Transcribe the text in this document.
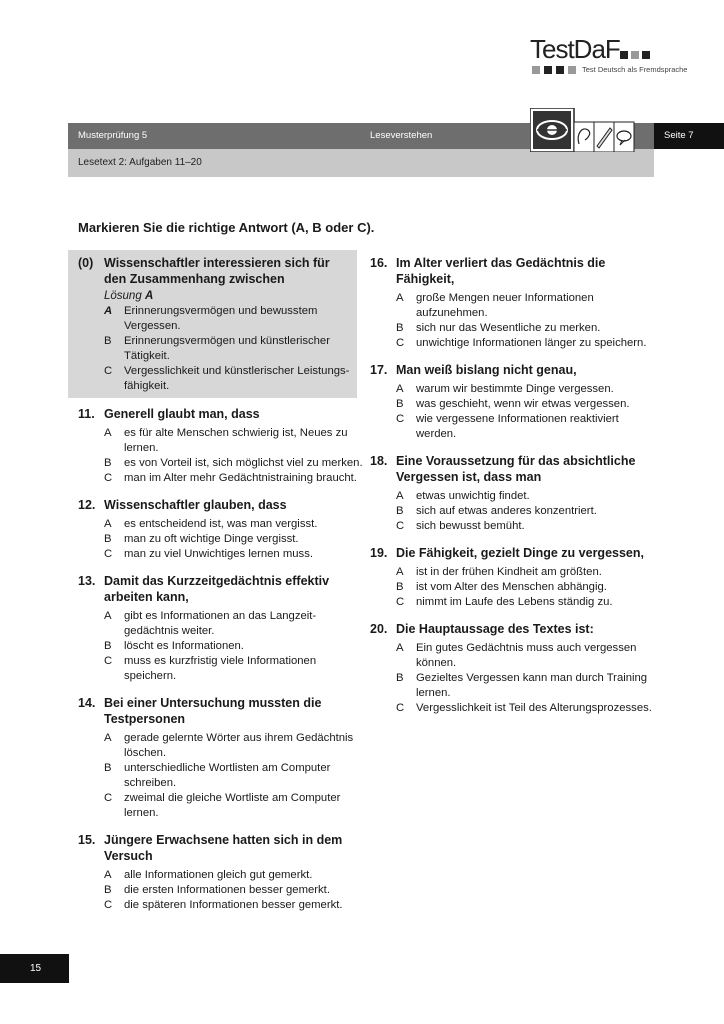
TestDaF
Test Deutsch als Fremdsprache
Musterprüfung 5	Leseverstehen	Seite 7
Lesetext 2: Aufgaben 11–20
Markieren Sie die richtige Antwort (A, B oder C).
(0) Wissenschaftler interessieren sich für den Zusammenhang zwischen
Lösung A
A	Erinnerungsvermögen und bewusstem Vergessen.
B	Erinnerungsvermögen und künstlerischer Tätigkeit.
C	Vergesslichkeit und künstlerischer Leistungs-fähigkeit.
11. Generell glaubt man, dass
A	es für alte Menschen schwierig ist, Neues zu lernen.
B	es von Vorteil ist, sich möglichst viel zu merken.
C	man im Alter mehr Gedächtnistraining braucht.
12. Wissenschaftler glauben, dass
A	es entscheidend ist, was man vergisst.
B	man zu oft wichtige Dinge vergisst.
C	man zu viel Unwichtiges lernen muss.
13. Damit das Kurzzeitgedächtnis effektiv arbeiten kann,
A	gibt es Informationen an das Langzeit-gedächtnis weiter.
B	löscht es Informationen.
C	muss es kurzfristig viele Informationen speichern.
14. Bei einer Untersuchung mussten die Testpersonen
A	gerade gelernte Wörter aus ihrem Gedächtnis löschen.
B	unterschiedliche Wortlisten am Computer schreiben.
C	zweimal die gleiche Wortliste am Computer lernen.
15. Jüngere Erwachsene hatten sich in dem Versuch
A	alle Informationen gleich gut gemerkt.
B	die ersten Informationen besser gemerkt.
C	die späteren Informationen besser gemerkt.
16. Im Alter verliert das Gedächtnis die Fähigkeit,
A	große Mengen neuer Informationen aufzunehmen.
B	sich nur das Wesentliche zu merken.
C	unwichtige Informationen länger zu speichern.
17. Man weiß bislang nicht genau,
A	warum wir bestimmte Dinge vergessen.
B	was geschieht, wenn wir etwas vergessen.
C	wie vergessene Informationen reaktiviert werden.
18. Eine Voraussetzung für das absichtliche Vergessen ist, dass man
A	etwas unwichtig findet.
B	sich auf etwas anderes konzentriert.
C	sich bewusst bemüht.
19. Die Fähigkeit, gezielt Dinge zu vergessen,
A	ist in der frühen Kindheit am größten.
B	ist vom Alter des Menschen abhängig.
C	nimmt im Laufe des Lebens ständig zu.
20. Die Hauptaussage des Textes ist:
A	Ein gutes Gedächtnis muss auch vergessen können.
B	Gezieltes Vergessen kann man durch Training lernen.
C	Vergesslichkeit ist Teil des Alterungsprozesses.
15
